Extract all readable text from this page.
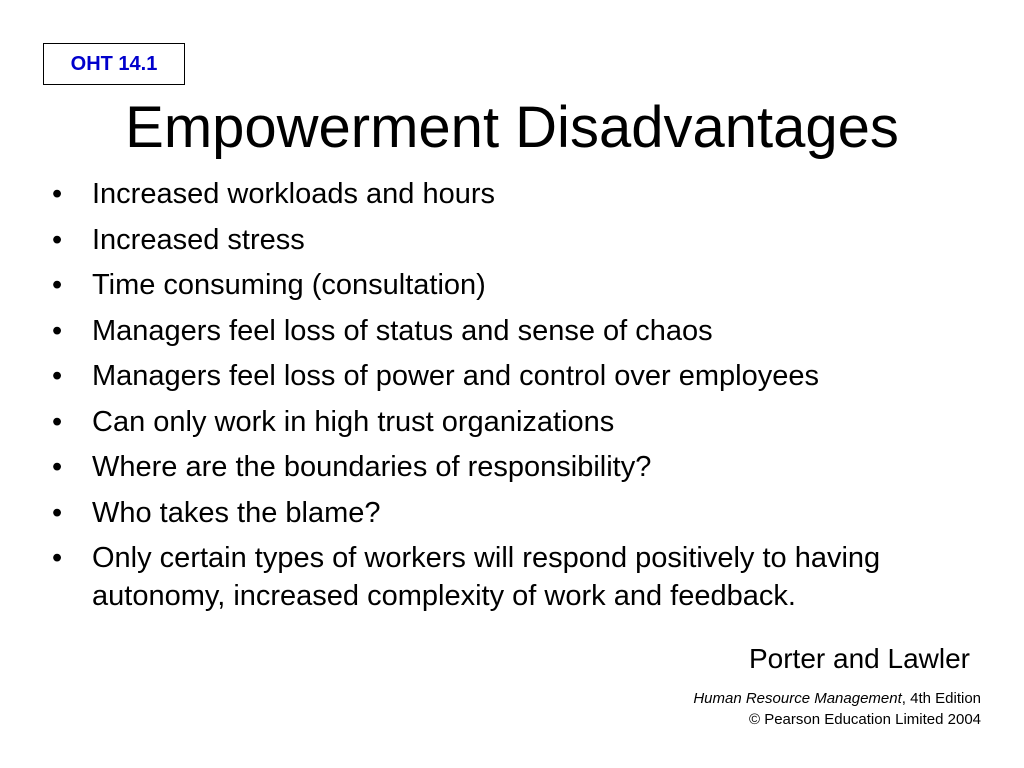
OHT 14.1
Empowerment Disadvantages
•	Increased workloads and hours
•	Increased stress
•	Time consuming (consultation)
•	Managers feel loss of status and sense of chaos
•	Managers feel loss of power and control over employees
•	Can only work in high trust organizations
•	Where are the boundaries of responsibility?
•	Who takes the blame?
•	Only certain types of workers will respond positively to having autonomy, increased complexity of work and feedback.
Porter and Lawler
Human Resource Management, 4th Edition
© Pearson Education Limited 2004
